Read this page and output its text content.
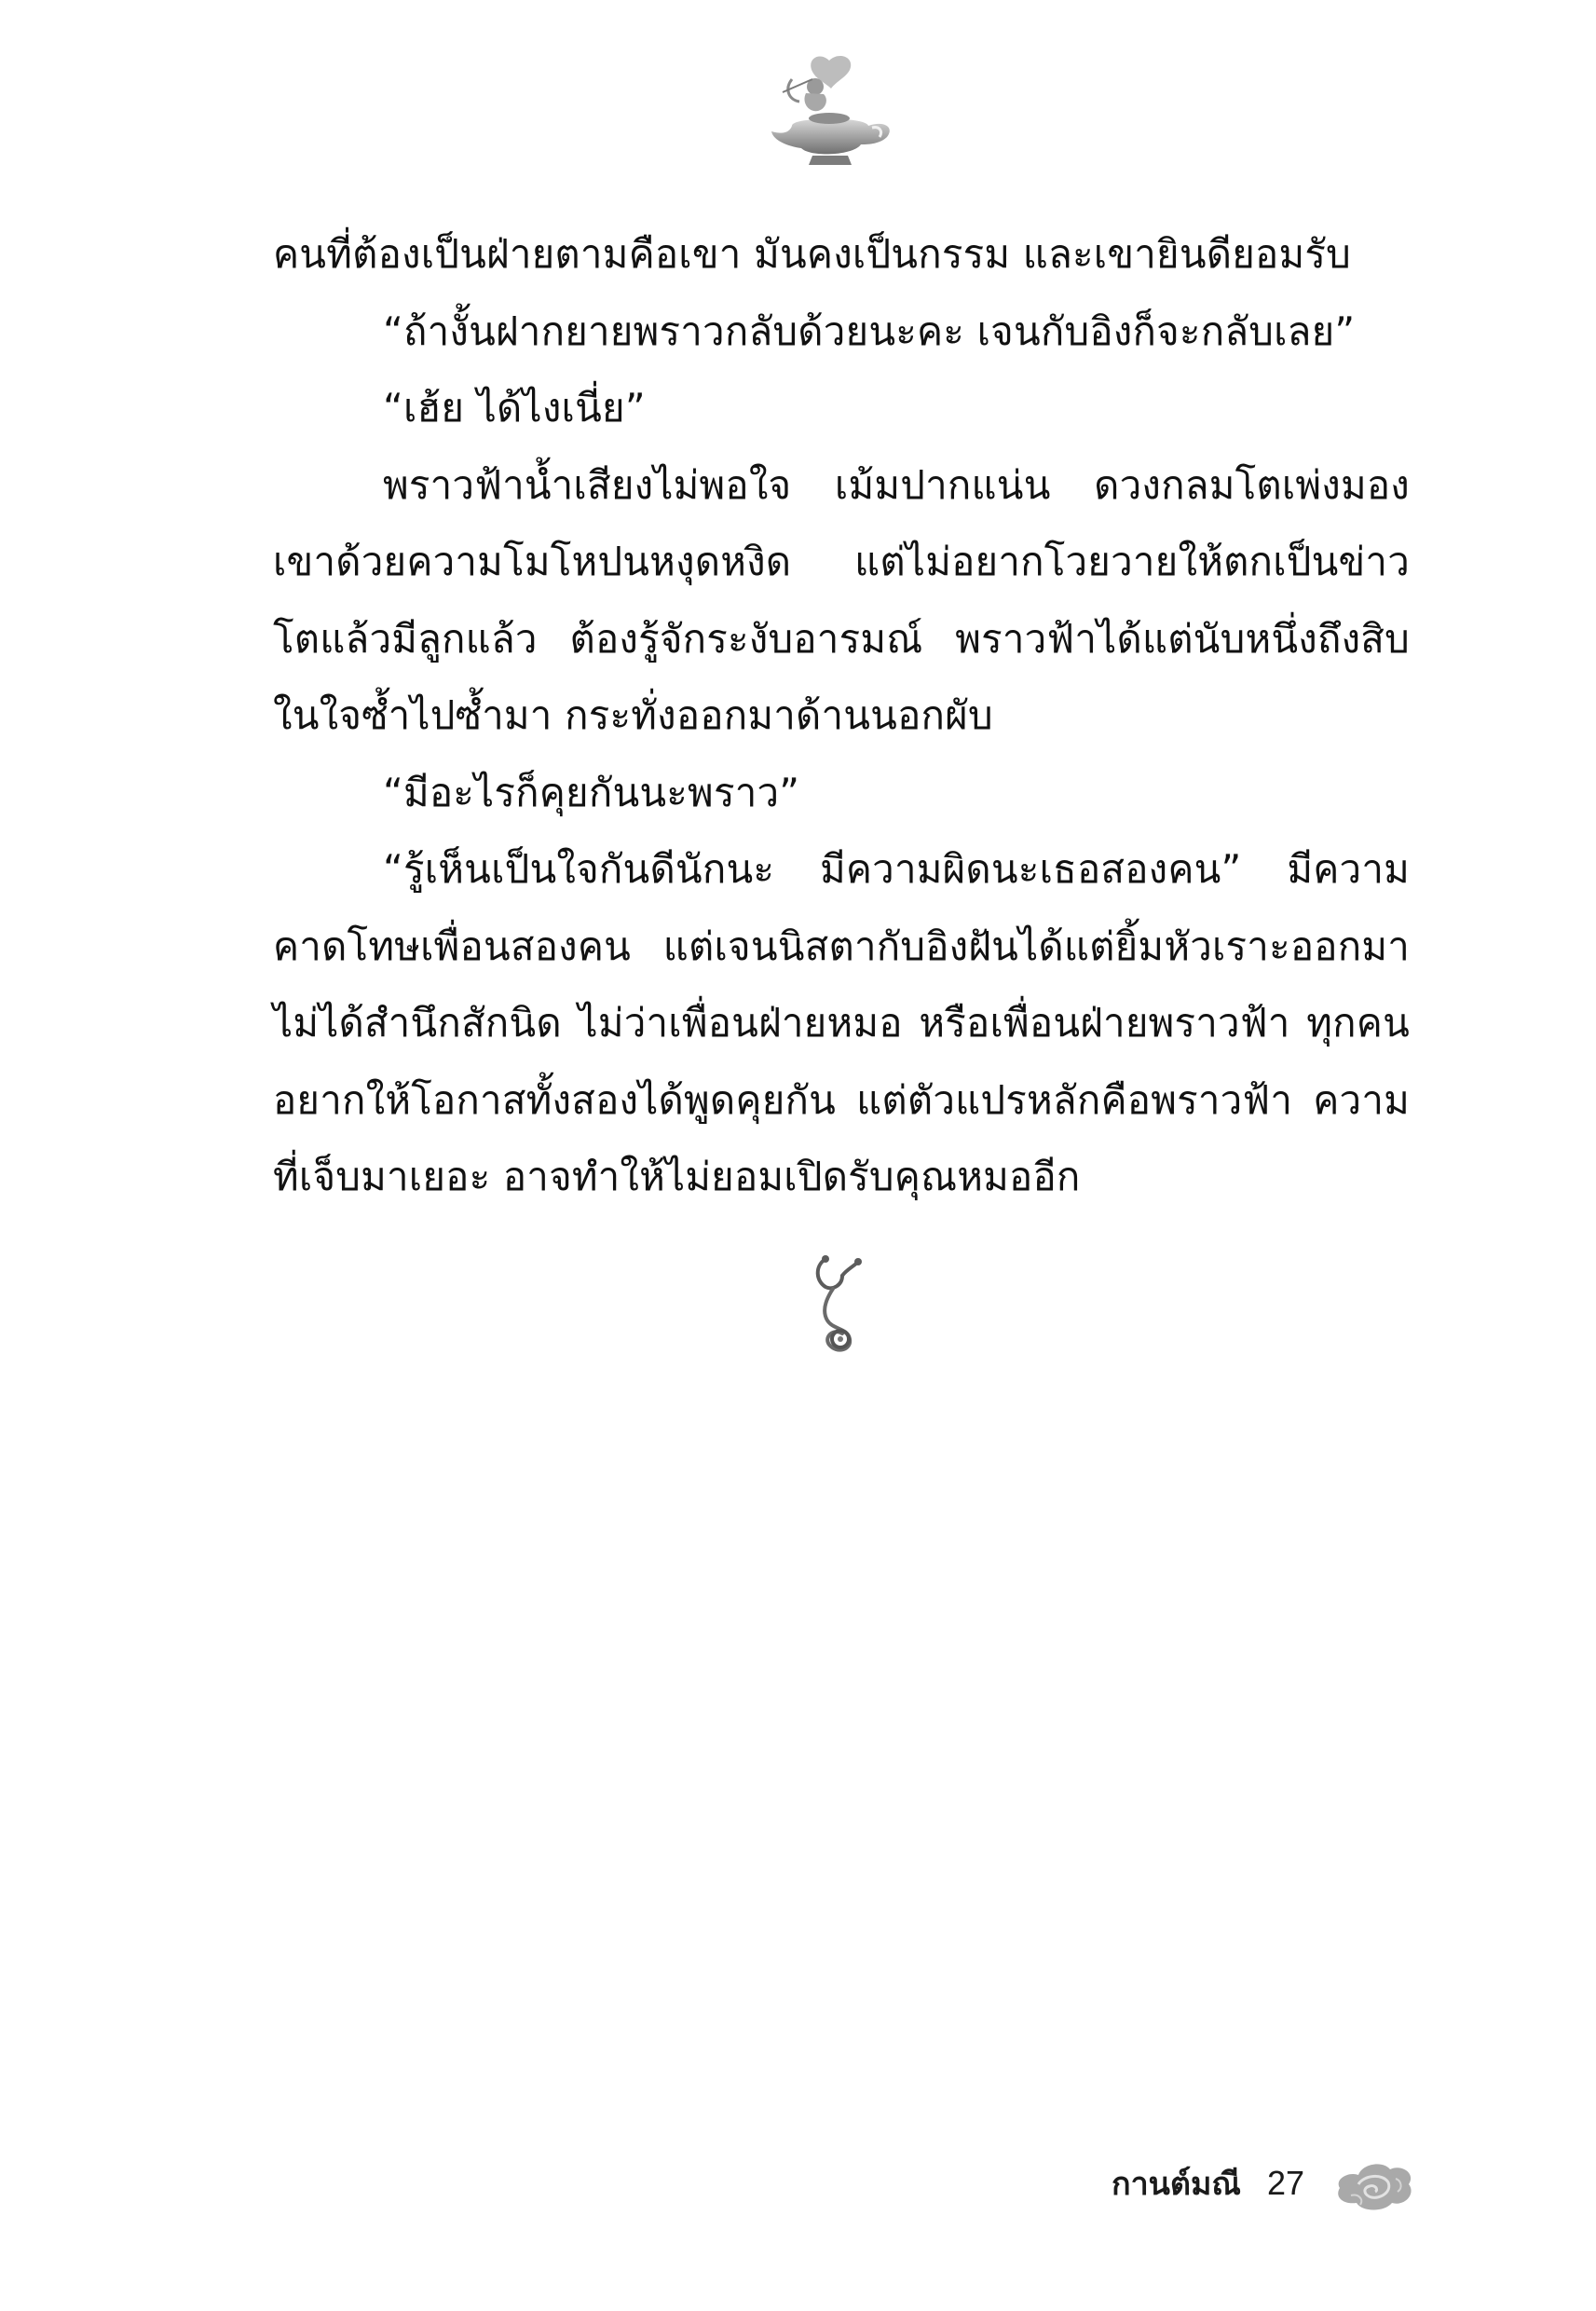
คนที่ต้องเป็นฝ่ายตามคือเขา มันคงเป็นกรรม และเขายินดียอมรับ

“ถ้างั้นฝากยายพราวกลับด้วยนะคะ เจนกับอิงก็จะกลับเลย”

“เฮ้ย ได้ไงเนี่ย”

พราวฟ้าน้ำเสียงไม่พอใจ เม้มปากแน่น ดวงกลมโตเพ่งมองเขาด้วยความโมโหปนหงุดหงิด แต่ไม่อยากโวยวายให้ตกเป็นข่าว โตแล้วมีลูกแล้ว ต้องรู้จักระงับอารมณ์ พราวฟ้าได้แต่นับหนึ่งถึงสิบในใจซ้ำไปซ้ำมา กระทั่งออกมาด้านนอกผับ

“มีอะไรก็คุยกันนะพราว”

“รู้เห็นเป็นใจกันดีนักนะ มีความผิดนะเธอสองคน” มีความคาดโทษเพื่อนสองคน แต่เจนนิสตากับอิงฝันได้แต่ยิ้มหัวเราะออกมาไม่ได้สำนึกสักนิด ไม่ว่าเพื่อนฝ่ายหมอ หรือเพื่อนฝ่ายพราวฟ้า ทุกคนอยากให้โอกาสทั้งสองได้พูดคุยกัน แต่ตัวแปรหลักคือพราวฟ้า ความที่เจ็บมาเยอะ อาจทำให้ไม่ยอมเปิดรับคุณหมออีก

กานต์มณี 27
